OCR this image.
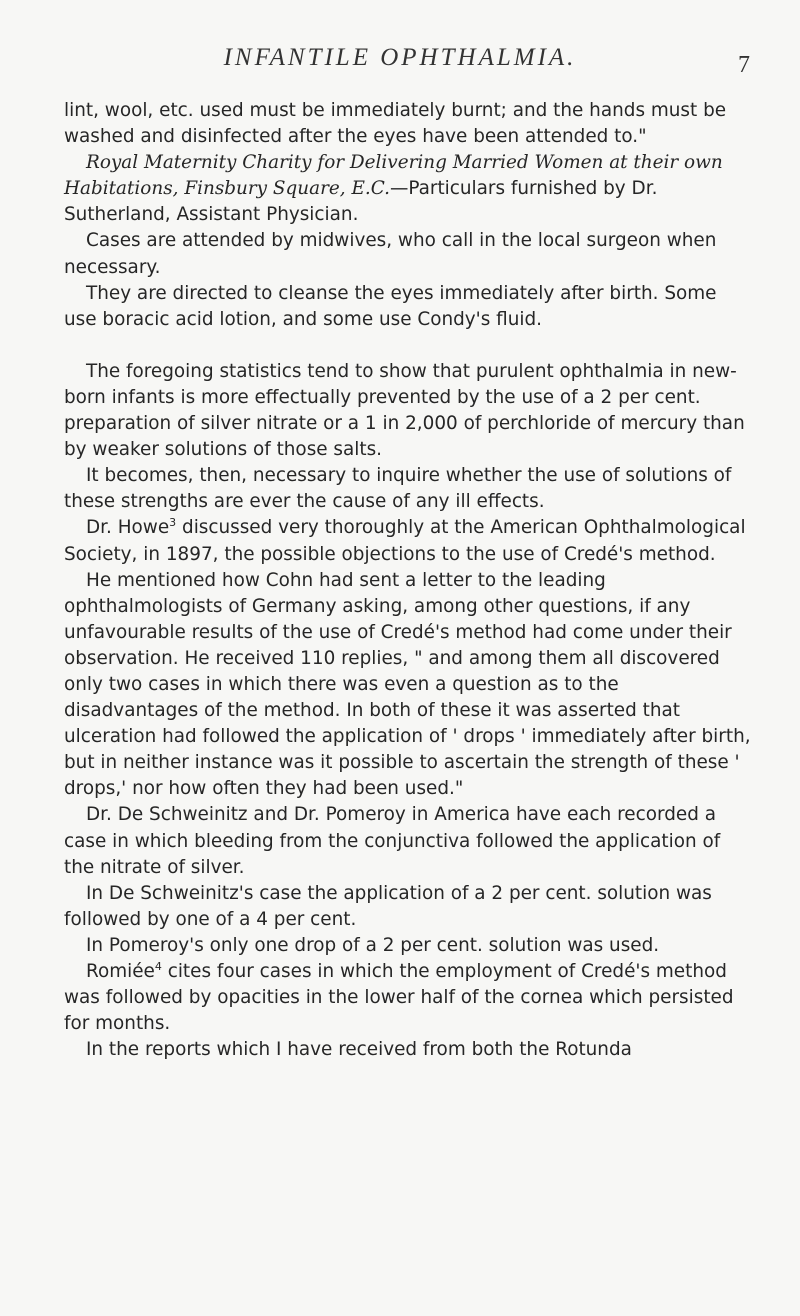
INFANTILE OPHTHALMIA.	7

lint, wool, etc. used must be immediately burnt; and the hands must be washed and disinfected after the eyes have been attended to."

Royal Maternity Charity for Delivering Married Women at their own Habitations, Finsbury Square, E.C.—Particulars furnished by Dr. Sutherland, Assistant Physician.

Cases are attended by midwives, who call in the local surgeon when necessary.

They are directed to cleanse the eyes immediately after birth. Some use boracic acid lotion, and some use Condy's fluid.

The foregoing statistics tend to show that purulent ophthalmia in new-born infants is more effectually prevented by the use of a 2 per cent. preparation of silver nitrate or a 1 in 2,000 of perchloride of mercury than by weaker solutions of those salts.

It becomes, then, necessary to inquire whether the use of solutions of these strengths are ever the cause of any ill effects.

Dr. Howe$^3$ discussed very thoroughly at the American Ophthalmological Society, in 1897, the possible objections to the use of Credé's method.

He mentioned how Cohn had sent a letter to the leading ophthalmologists of Germany asking, among other questions, if any unfavourable results of the use of Credé's method had come under their observation. He received 110 replies, " and among them all discovered only two cases in which there was even a question as to the disadvantages of the method. In both of these it was asserted that ulceration had followed the application of ' drops ' immediately after birth, but in neither instance was it possible to ascertain the strength of these ' drops,' nor how often they had been used."

Dr. De Schweinitz and Dr. Pomeroy in America have each recorded a case in which bleeding from the conjunctiva followed the application of the nitrate of silver.

In De Schweinitz's case the application of a 2 per cent. solution was followed by one of a 4 per cent.

In Pomeroy's only one drop of a 2 per cent. solution was used.

Romiée$^4$ cites four cases in which the employment of Credé's method was followed by opacities in the lower half of the cornea which persisted for months.

In the reports which I have received from both the Rotunda
